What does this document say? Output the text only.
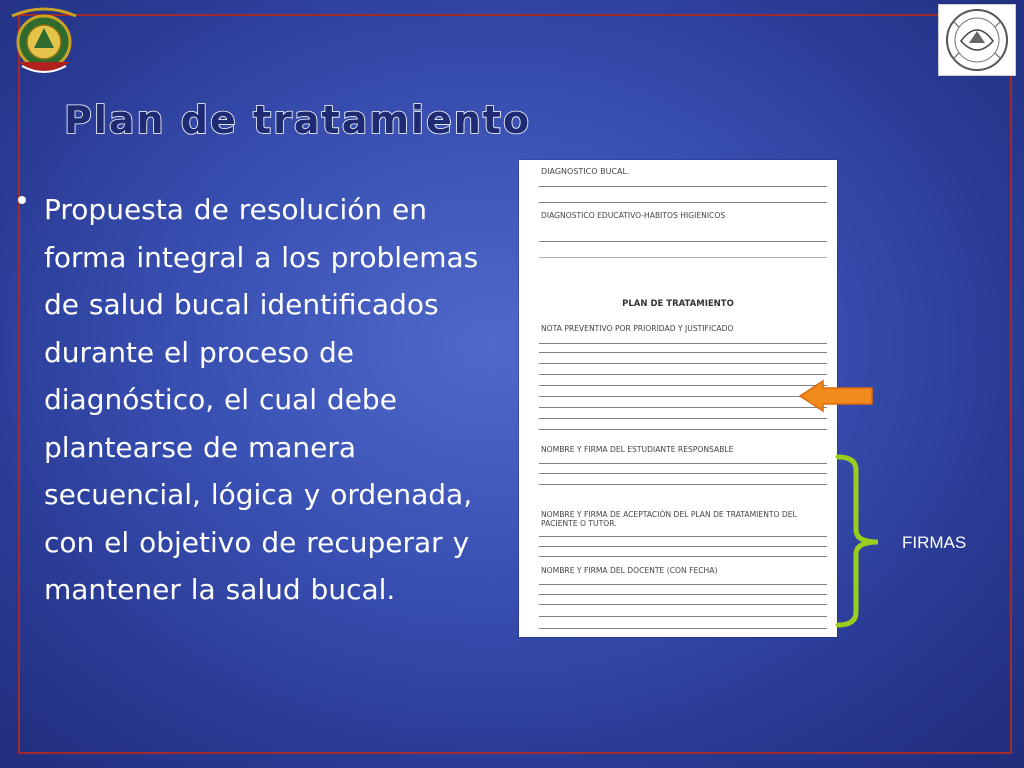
Plan de tratamiento

Propuesta de resolución en forma integral a los problemas de salud bucal identificados durante el proceso de diagnóstico, el cual debe plantearse de manera secuencial, lógica y ordenada, con el objetivo de recuperar y mantener la salud bucal.

DIAGNOSTICO BUCAL.
DIAGNOSTICO EDUCATIVO-HABITOS HIGIENICOS
PLAN DE TRATAMIENTO
NOTA PREVENTIVO POR PRIORIDAD Y JUSTIFICADO
NOMBRE Y FIRMA DEL ESTUDIANTE RESPONSABLE
NOMBRE Y FIRMA DE ACEPTACIÓN DEL PLAN DE TRATAMIENTO DEL
PACIENTE O TUTOR.
NOMBRE Y FIRMA DEL DOCENTE (CON FECHA)
FIRMAS
